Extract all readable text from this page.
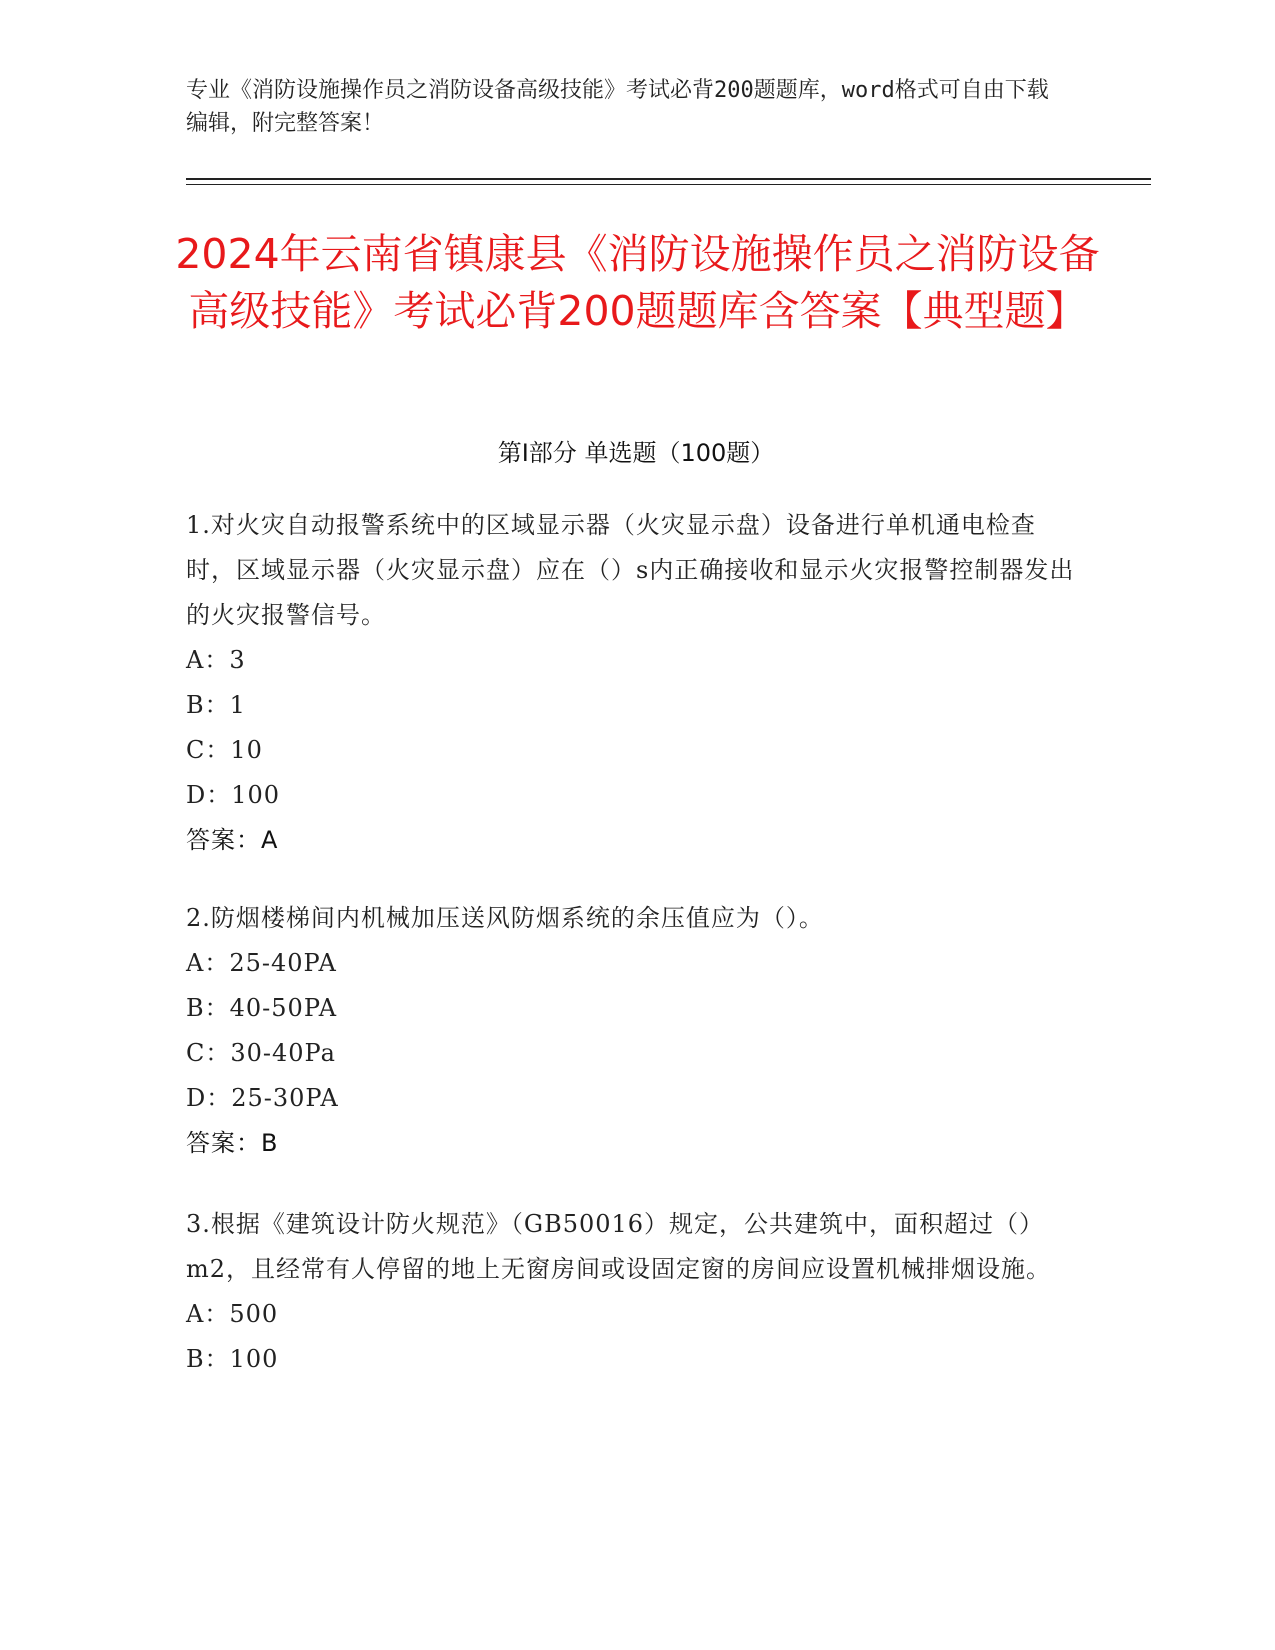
专业《消防设施操作员之消防设备高级技能》考试必背200题题库，word格式可自由下载编辑，附完整答案！
2024年云南省镇康县《消防设施操作员之消防设备高级技能》考试必背200题题库含答案【典型题】
第Ⅰ部分 单选题（100题）

1.对火灾自动报警系统中的区域显示器（火灾显示盘）设备进行单机通电检查时，区域显示器（火灾显示盘）应在（）s内正确接收和显示火灾报警控制器发出的火灾报警信号。

A：3

B：1

C：10

D：100

答案：A

2.防烟楼梯间内机械加压送风防烟系统的余压值应为（）。

A：25-40PA

B：40-50PA

C：30-40Pa

D：25-30PA

答案：B

3.根据《建筑设计防火规范》（GB50016）规定，公共建筑中，面积超过（）m2，且经常有人停留的地上无窗房间或设固定窗的房间应设置机械排烟设施。

A：500

B：100
